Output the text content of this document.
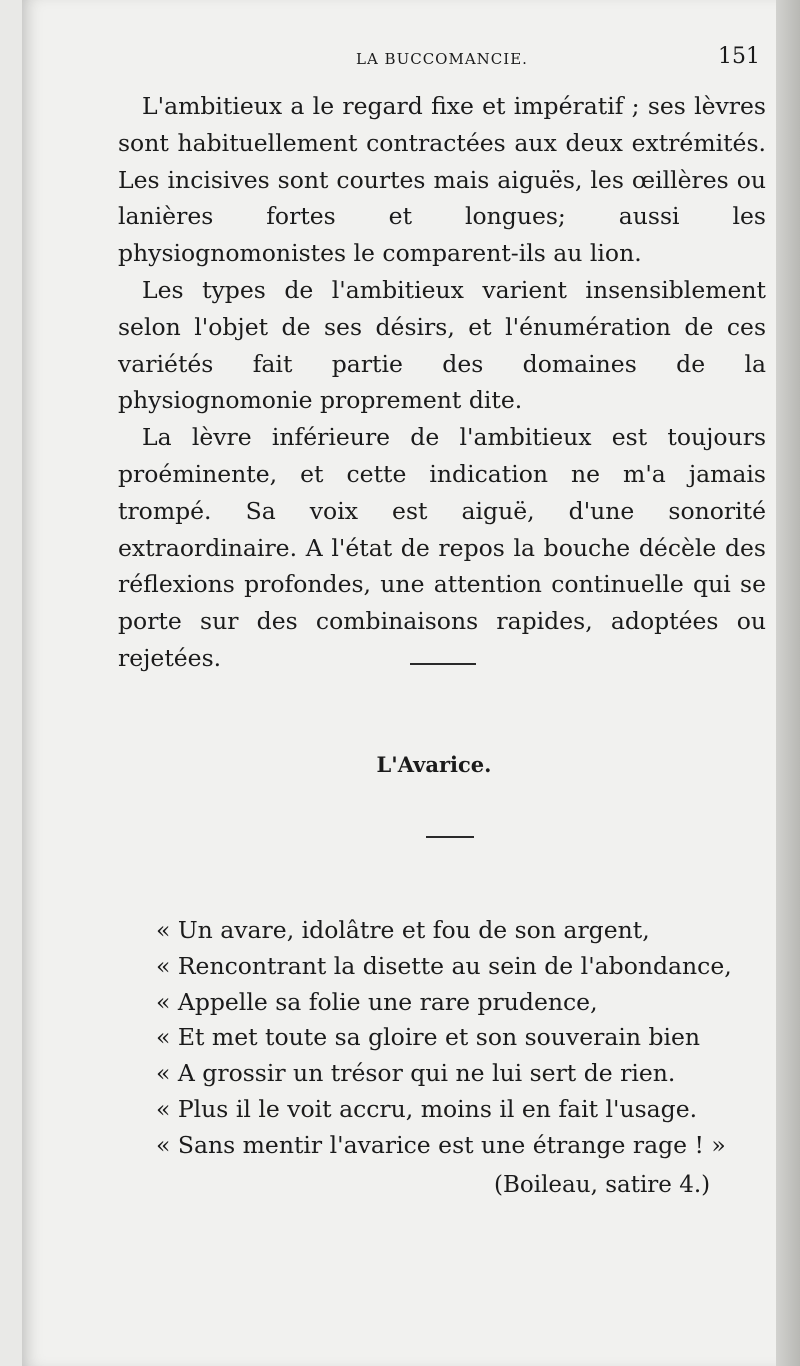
LA BUCCOMANCIE.	151

L'ambitieux a le regard fixe et impératif ; ses lèvres sont habituellement contractées aux deux extrémités. Les incisives sont courtes mais aiguës, les œillères ou lanières fortes et longues; aussi les physiognomonistes le comparent-ils au lion.

Les types de l'ambitieux varient insensiblement selon l'objet de ses désirs, et l'énumération de ces variétés fait partie des domaines de la physiognomonie proprement dite.

La lèvre inférieure de l'ambitieux est toujours proéminente, et cette indication ne m'a jamais trompé. Sa voix est aiguë, d'une sonorité extraordinaire. A l'état de repos la bouche décèle des réflexions profondes, une attention continuelle qui se porte sur des combinaisons rapides, adoptées ou rejetées.

L'Avarice.
« Un avare, idolâtre et fou de son argent,
« Rencontrant la disette au sein de l'abondance,
« Appelle sa folie une rare prudence,
« Et met toute sa gloire et son souverain bien
« A grossir un trésor qui ne lui sert de rien.
« Plus il le voit accru, moins il en fait l'usage.
« Sans mentir l'avarice est une étrange rage ! »
(Boileau, satire 4.)
